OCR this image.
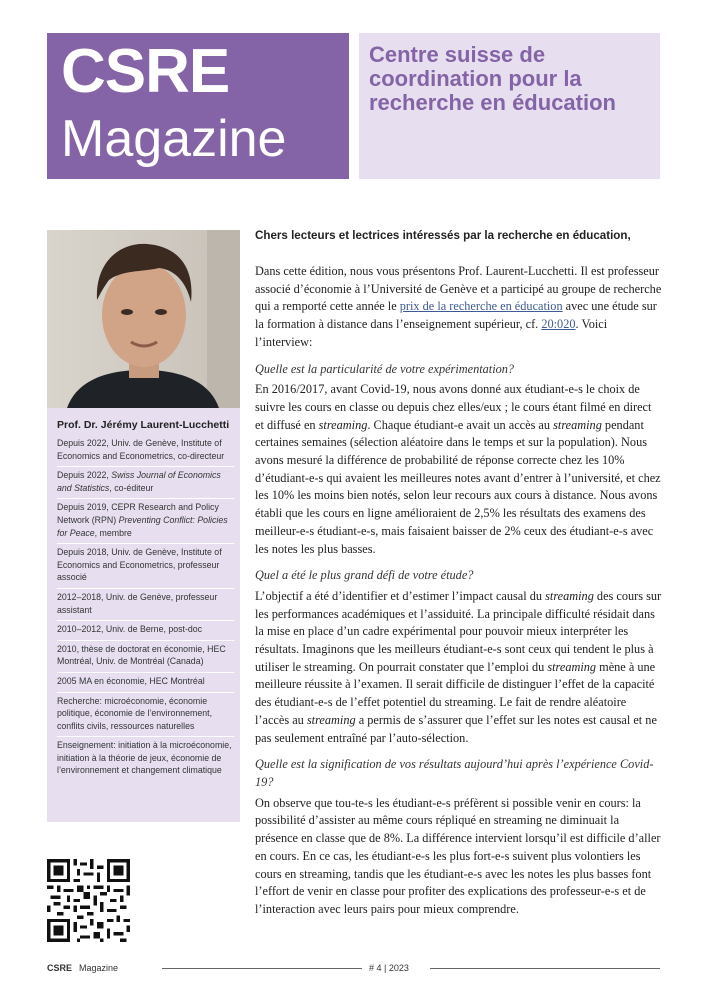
CSRE
Magazine
Centre suisse de coordination pour la recherche en éducation
Prof. Dr. Jérémy Laurent-Lucchetti
Depuis 2022, Univ. de Genève, Institute of Economics and Econometrics, co-directeur
Depuis 2022, Swiss Journal of Economics and Statistics, co-éditeur
Depuis 2019, CEPR Research and Policy Network (RPN) Preventing Conflict: Policies for Peace, membre
Depuis 2018, Univ. de Genève, Institute of Economics and Econometrics, professeur associé
2012–2018, Univ. de Genève, professeur assistant
2010–2012, Univ. de Berne, post-doc
2010, thèse de doctorat en économie, HEC Montréal, Univ. de Montréal (Canada)
2005 MA en économie, HEC Montréal
Recherche: microéconomie, économie politique, économie de l’environnement, conflits civils, ressources naturelles
Enseignement: initiation à la microéconomie, initiation à la théorie de jeux, économie de l’environnement et changement climatique

Chers lecteurs et lectrices intéressés par la recherche en éducation,

Dans cette édition, nous vous présentons Prof. Laurent-Lucchetti. Il est professeur associé d’économie à l’Université de Genève et a participé au groupe de recherche qui a remporté cette année le prix de la recherche en éducation avec une étude sur la formation à distance dans l’enseignement supérieur, cf. 20:020. Voici l’interview:

Quelle est la particularité de votre expérimentation?

En 2016/2017, avant Covid-19, nous avons donné aux étudiant-e-s le choix de suivre les cours en classe ou depuis chez elles/eux ; le cours étant filmé en direct et diffusé en streaming. Chaque étudiant-e avait un accès au streaming pendant certaines semaines (sélection aléatoire dans le temps et sur la population). Nous avons mesuré la différence de probabilité de réponse correcte chez les 10% d’étudiant-e-s qui avaient les meilleures notes avant d’entrer à l’université, et chez les 10% les moins bien notés, selon leur recours aux cours à distance. Nous avons établi que les cours en ligne amélioraient de 2,5% les résultats des examens des meilleur-e-s étudiant-e-s, mais faisaient baisser de 2% ceux des étudiant-e-s avec les notes les plus basses.

Quel a été le plus grand défi de votre étude?

L’objectif a été d’identifier et d’estimer l’impact causal du streaming des cours sur les performances académiques et l’assiduité. La principale difficulté résidait dans la mise en place d’un cadre expérimental pour pouvoir mieux interpréter les résultats. Imaginons que les meilleurs étudiant-e-s sont ceux qui tendent le plus à utiliser le streaming. On pourrait constater que l’emploi du streaming mène à une meilleure réussite à l’examen. Il serait difficile de distinguer l’effet de la capacité des étudiant-e-s de l’effet potentiel du streaming. Le fait de rendre aléatoire l’accès au streaming a permis de s’assurer que l’effet sur les notes est causal et ne pas seulement entraîné par l’auto-sélection.

Quelle est la signification de vos résultats aujourd’hui après l’expérience Covid-19?

On observe que tou-te-s les étudiant-e-s préfèrent si possible venir en cours: la possibilité d’assister au même cours répliqué en streaming ne diminuait la présence en classe que de 8%. La différence intervient lorsqu’il est difficile d’aller en cours. En ce cas, les étudiant-e-s les plus fort-e-s suivent plus volontiers les cours en streaming, tandis que les étudiant-e-s avec les notes les plus basses font l’effort de venir en classe pour profiter des explications des professeur-e-s et de l’interaction avec leurs pairs pour mieux comprendre.

CSRE Magazine	# 4 | 2023
